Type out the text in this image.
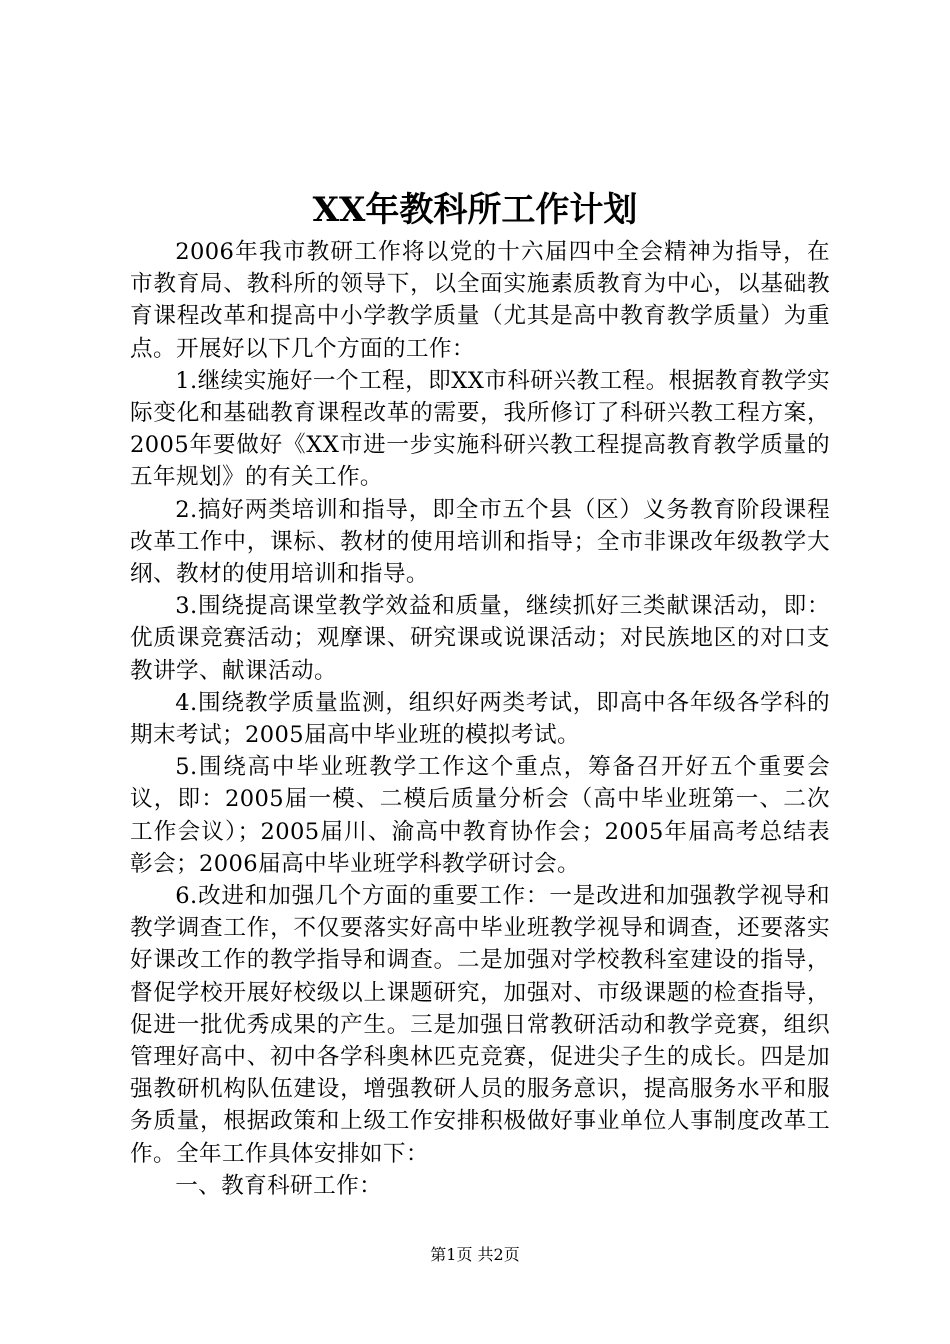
XX年教科所工作计划

2006年我市教研工作将以党的十六届四中全会精神为指导，在市教育局、教科所的领导下，以全面实施素质教育为中心，以基础教育课程改革和提高中小学教学质量（尤其是高中教育教学质量）为重点。开展好以下几个方面的工作：

1.继续实施好一个工程，即XX市科研兴教工程。根据教育教学实际变化和基础教育课程改革的需要，我所修订了科研兴教工程方案，2005年要做好《XX市进一步实施科研兴教工程提高教育教学质量的五年规划》的有关工作。

2.搞好两类培训和指导，即全市五个县（区）义务教育阶段课程改革工作中，课标、教材的使用培训和指导；全市非课改年级教学大纲、教材的使用培训和指导。

3.围绕提高课堂教学效益和质量，继续抓好三类献课活动，即：优质课竞赛活动；观摩课、研究课或说课活动；对民族地区的对口支教讲学、献课活动。

4.围绕教学质量监测，组织好两类考试，即高中各年级各学科的期末考试；2005届高中毕业班的模拟考试。

5.围绕高中毕业班教学工作这个重点，筹备召开好五个重要会议，即：2005届一模、二模后质量分析会（高中毕业班第一、二次工作会议）；2005届川、渝高中教育协作会；2005年届高考总结表彰会；2006届高中毕业班学科教学研讨会。

6.改进和加强几个方面的重要工作：一是改进和加强教学视导和教学调查工作，不仅要落实好高中毕业班教学视导和调查，还要落实好课改工作的教学指导和调查。二是加强对学校教科室建设的指导，督促学校开展好校级以上课题研究，加强对、市级课题的检查指导，促进一批优秀成果的产生。三是加强日常教研活动和教学竞赛，组织管理好高中、初中各学科奥林匹克竞赛，促进尖子生的成长。四是加强教研机构队伍建设，增强教研人员的服务意识，提高服务水平和服务质量，根据政策和上级工作安排积极做好事业单位人事制度改革工作。全年工作具体安排如下：

一、教育科研工作：

第1页 共2页
